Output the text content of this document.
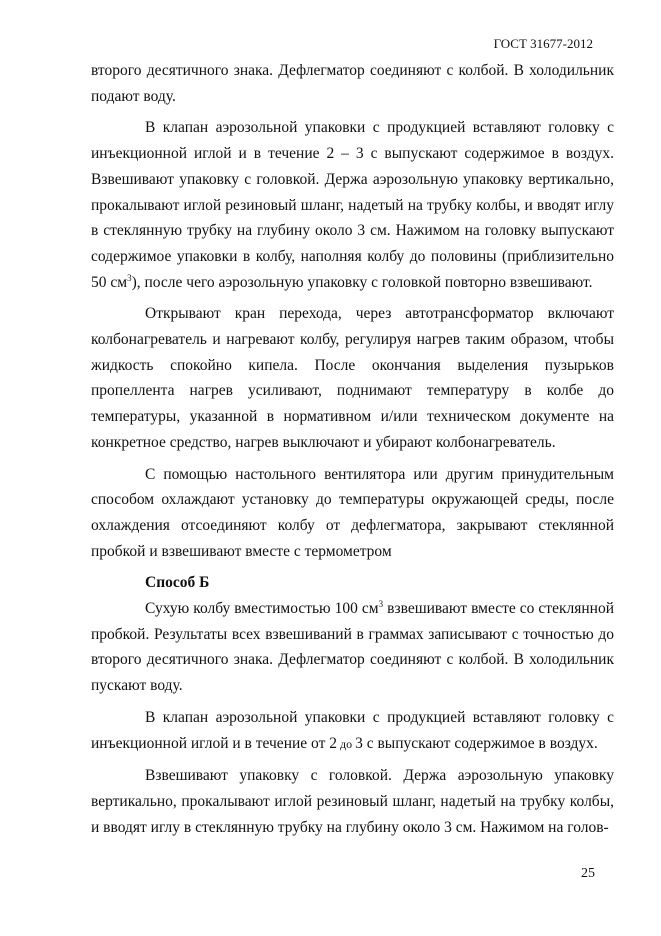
ГОСТ 31677-2012

второго десятичного знака. Дефлегматор соединяют с колбой. В холодильник подают воду.

В клапан аэрозольной упаковки с продукцией вставляют головку с инъекционной иглой и в течение 2 – 3 с выпускают содержимое в воздух. Взвешивают упаковку с головкой. Держа аэрозольную упаковку вертикально, прокалывают иглой резиновый шланг, надетый на трубку колбы, и вводят иглу в стеклянную трубку на глубину около 3 см. Нажимом на головку выпускают содержимое упаковки в колбу, наполняя колбу до половины (приблизительно 50 $см^3$), после чего аэрозольную упаковку с головкой повторно взвешивают.

Открывают кран перехода, через автотрансформатор включают колбонагреватель и нагревают колбу, регулируя нагрев таким образом, чтобы жидкость спокойно кипела. После окончания выделения пузырьков пропеллента нагрев усиливают, поднимают температуру в колбе до температуры, указанной в нормативном и/или техническом документе на конкретное средство, нагрев выключают и убирают колбонагреватель.

С помощью настольного вентилятора или другим принудительным способом охлаждают установку до температуры окружающей среды, после охлаждения отсоединяют колбу от дефлегматора, закрывают стеклянной пробкой и взвешивают вместе с термометром

Способ Б

Сухую колбу вместимостью 100 $см^3$ взвешивают вместе со стеклянной пробкой. Результаты всех взвешиваний в граммах записывают с точностью до второго десятичного знака. Дефлегматор соединяют с колбой. В холодильник пускают воду.

В клапан аэрозольной упаковки с продукцией вставляют головку с инъекционной иглой и в течение от 2 до 3 с выпускают содержимое в воздух.

Взвешивают упаковку с головкой. Держа аэрозольную упаковку вертикально, прокалывают иглой резиновый шланг, надетый на трубку колбы, и вводят иглу в стеклянную трубку на глубину около 3 см. Нажимом на голов-

25
